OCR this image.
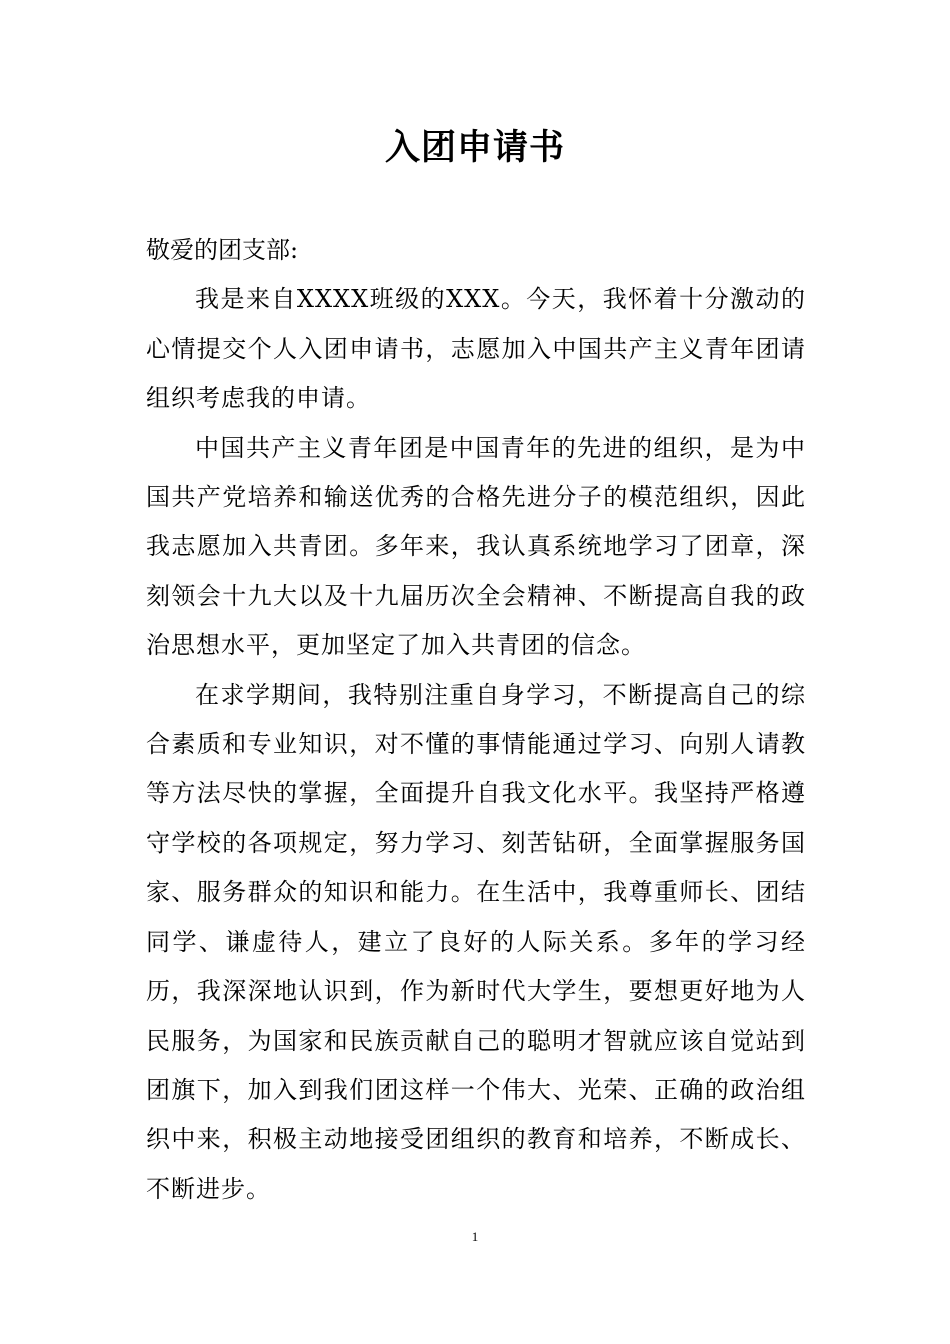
入团申请书

敬爱的团支部:

我是来自XXXX班级的XXX。今天，我怀着十分激动的心情提交个人入团申请书，志愿加入中国共产主义青年团请组织考虑我的申请。

中国共产主义青年团是中国青年的先进的组织，是为中国共产党培养和输送优秀的合格先进分子的模范组织，因此我志愿加入共青团。多年来，我认真系统地学习了团章，深刻领会十九大以及十九届历次全会精神、不断提高自我的政治思想水平，更加坚定了加入共青团的信念。

在求学期间，我特别注重自身学习，不断提高自己的综合素质和专业知识，对不懂的事情能通过学习、向别人请教等方法尽快的掌握，全面提升自我文化水平。我坚持严格遵守学校的各项规定，努力学习、刻苦钻研，全面掌握服务国家、服务群众的知识和能力。在生活中，我尊重师长、团结同学、谦虚待人，建立了良好的人际关系。多年的学习经历，我深深地认识到，作为新时代大学生，要想更好地为人民服务，为国家和民族贡献自己的聪明才智就应该自觉站到团旗下，加入到我们团这样一个伟大、光荣、正确的政治组织中来，积极主动地接受团组织的教育和培养，不断成长、不断进步。

1
